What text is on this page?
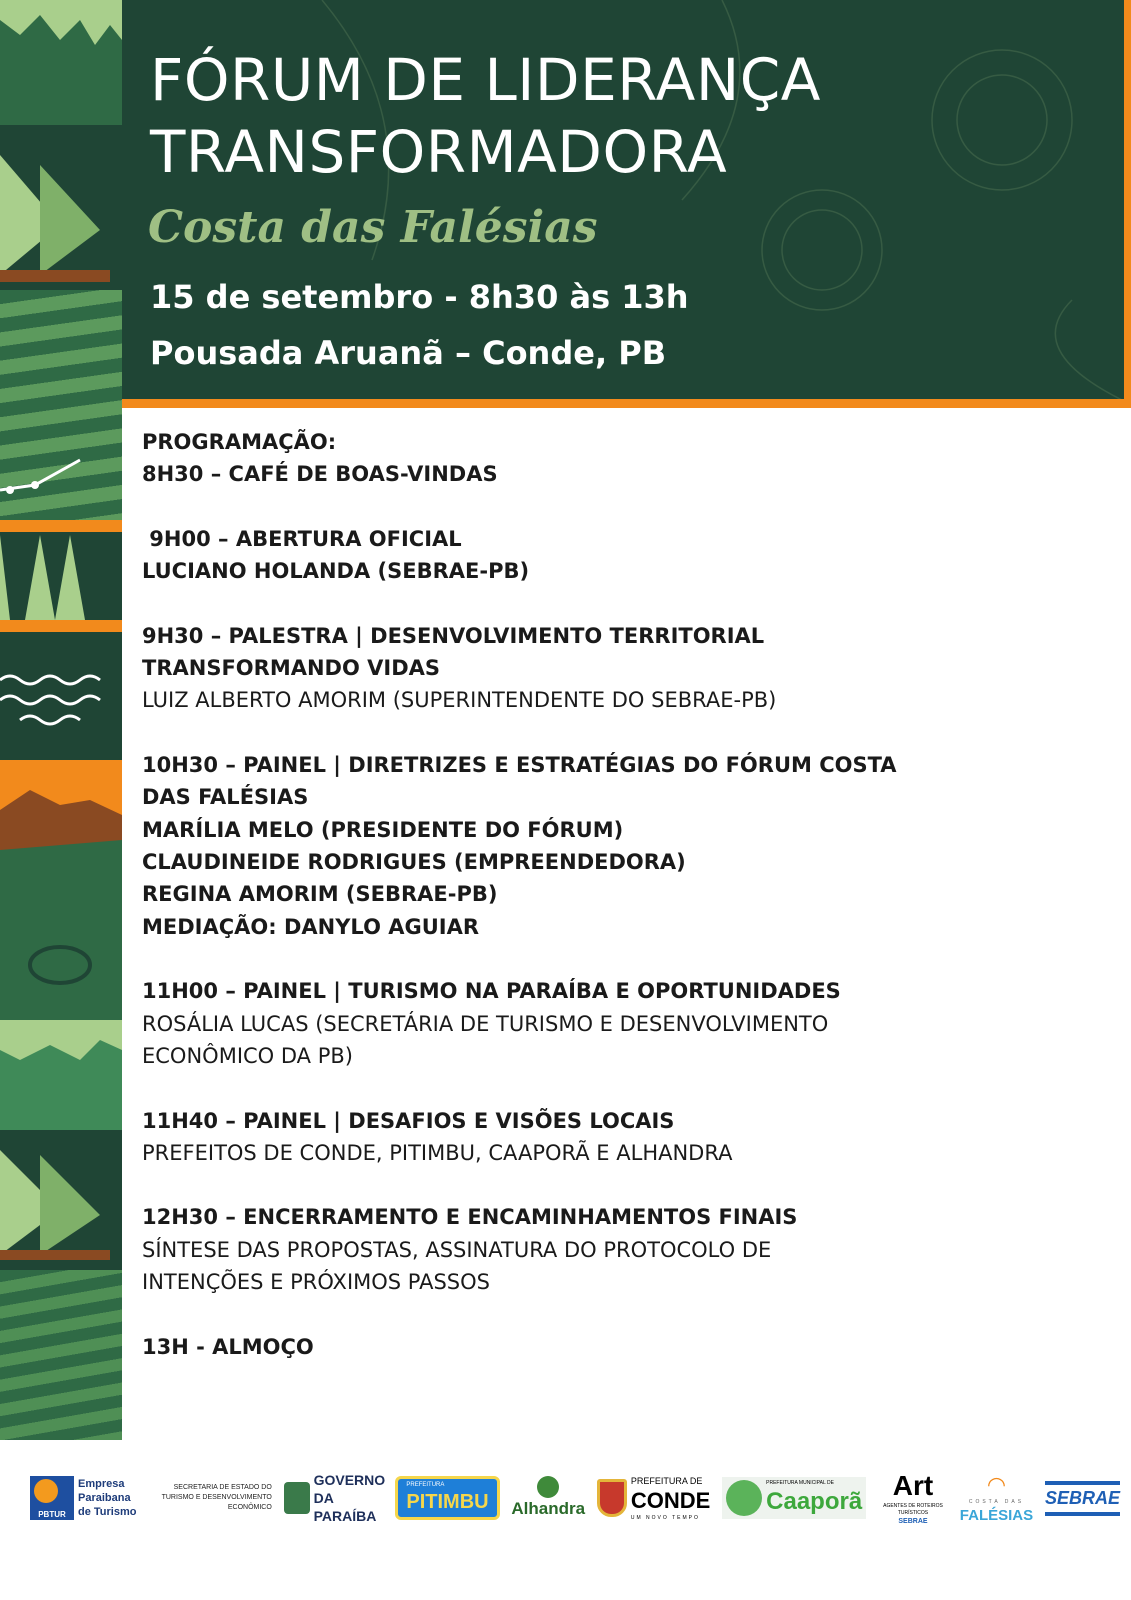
FÓRUM DE LIDERANÇA
TRANSFORMADORA
Costa das Falésias
15 de setembro - 8h30 às 13h
Pousada Aruanã – Conde, PB
PROGRAMAÇÃO:
8H30 – CAFÉ DE BOAS-VINDAS
9H00 – ABERTURA OFICIAL
LUCIANO HOLANDA (SEBRAE-PB)
9H30 – PALESTRA | DESENVOLVIMENTO TERRITORIAL
TRANSFORMANDO VIDAS
LUIZ ALBERTO AMORIM (SUPERINTENDENTE DO SEBRAE-PB)
10H30 – PAINEL | DIRETRIZES E ESTRATÉGIAS DO FÓRUM COSTA
DAS FALÉSIAS
MARÍLIA MELO (PRESIDENTE DO FÓRUM)
CLAUDINEIDE RODRIGUES (EMPREENDEDORA)
REGINA AMORIM (SEBRAE-PB)
MEDIAÇÃO: DANYLO AGUIAR
11H00 – PAINEL | TURISMO NA PARAÍBA E OPORTUNIDADES
ROSÁLIA LUCAS (SECRETÁRIA DE TURISMO E DESENVOLVIMENTO
ECONÔMICO DA PB)
11H40 – PAINEL | DESAFIOS E VISÕES LOCAIS
PREFEITOS DE CONDE, PITIMBU, CAAPORÃ E ALHANDRA
12H30 – ENCERRAMENTO E ENCAMINHAMENTOS FINAIS
SÍNTESE DAS PROPOSTAS, ASSINATURA DO PROTOCOLO DE
INTENÇÕES E PRÓXIMOS PASSOS
13H - ALMOÇO
PBTUR
Empresa Paraibana de Turismo
SECRETARIA DE ESTADO DO TURISMO E DESENVOLVIMENTO ECONÔMICO
GOVERNO DA PARAÍBA
PREFEITURA
PITIMBU Alhandra
PREFEITURA DE
CONDE
UM NOVO TEMPO
PREFEITURA MUNICIPAL DE
Caaporã
Art
AGENTES DE ROTEIROS TURÍSTICOS
SEBRAE
◠
COSTA DAS
FALÉSIAS
SEBRAE
